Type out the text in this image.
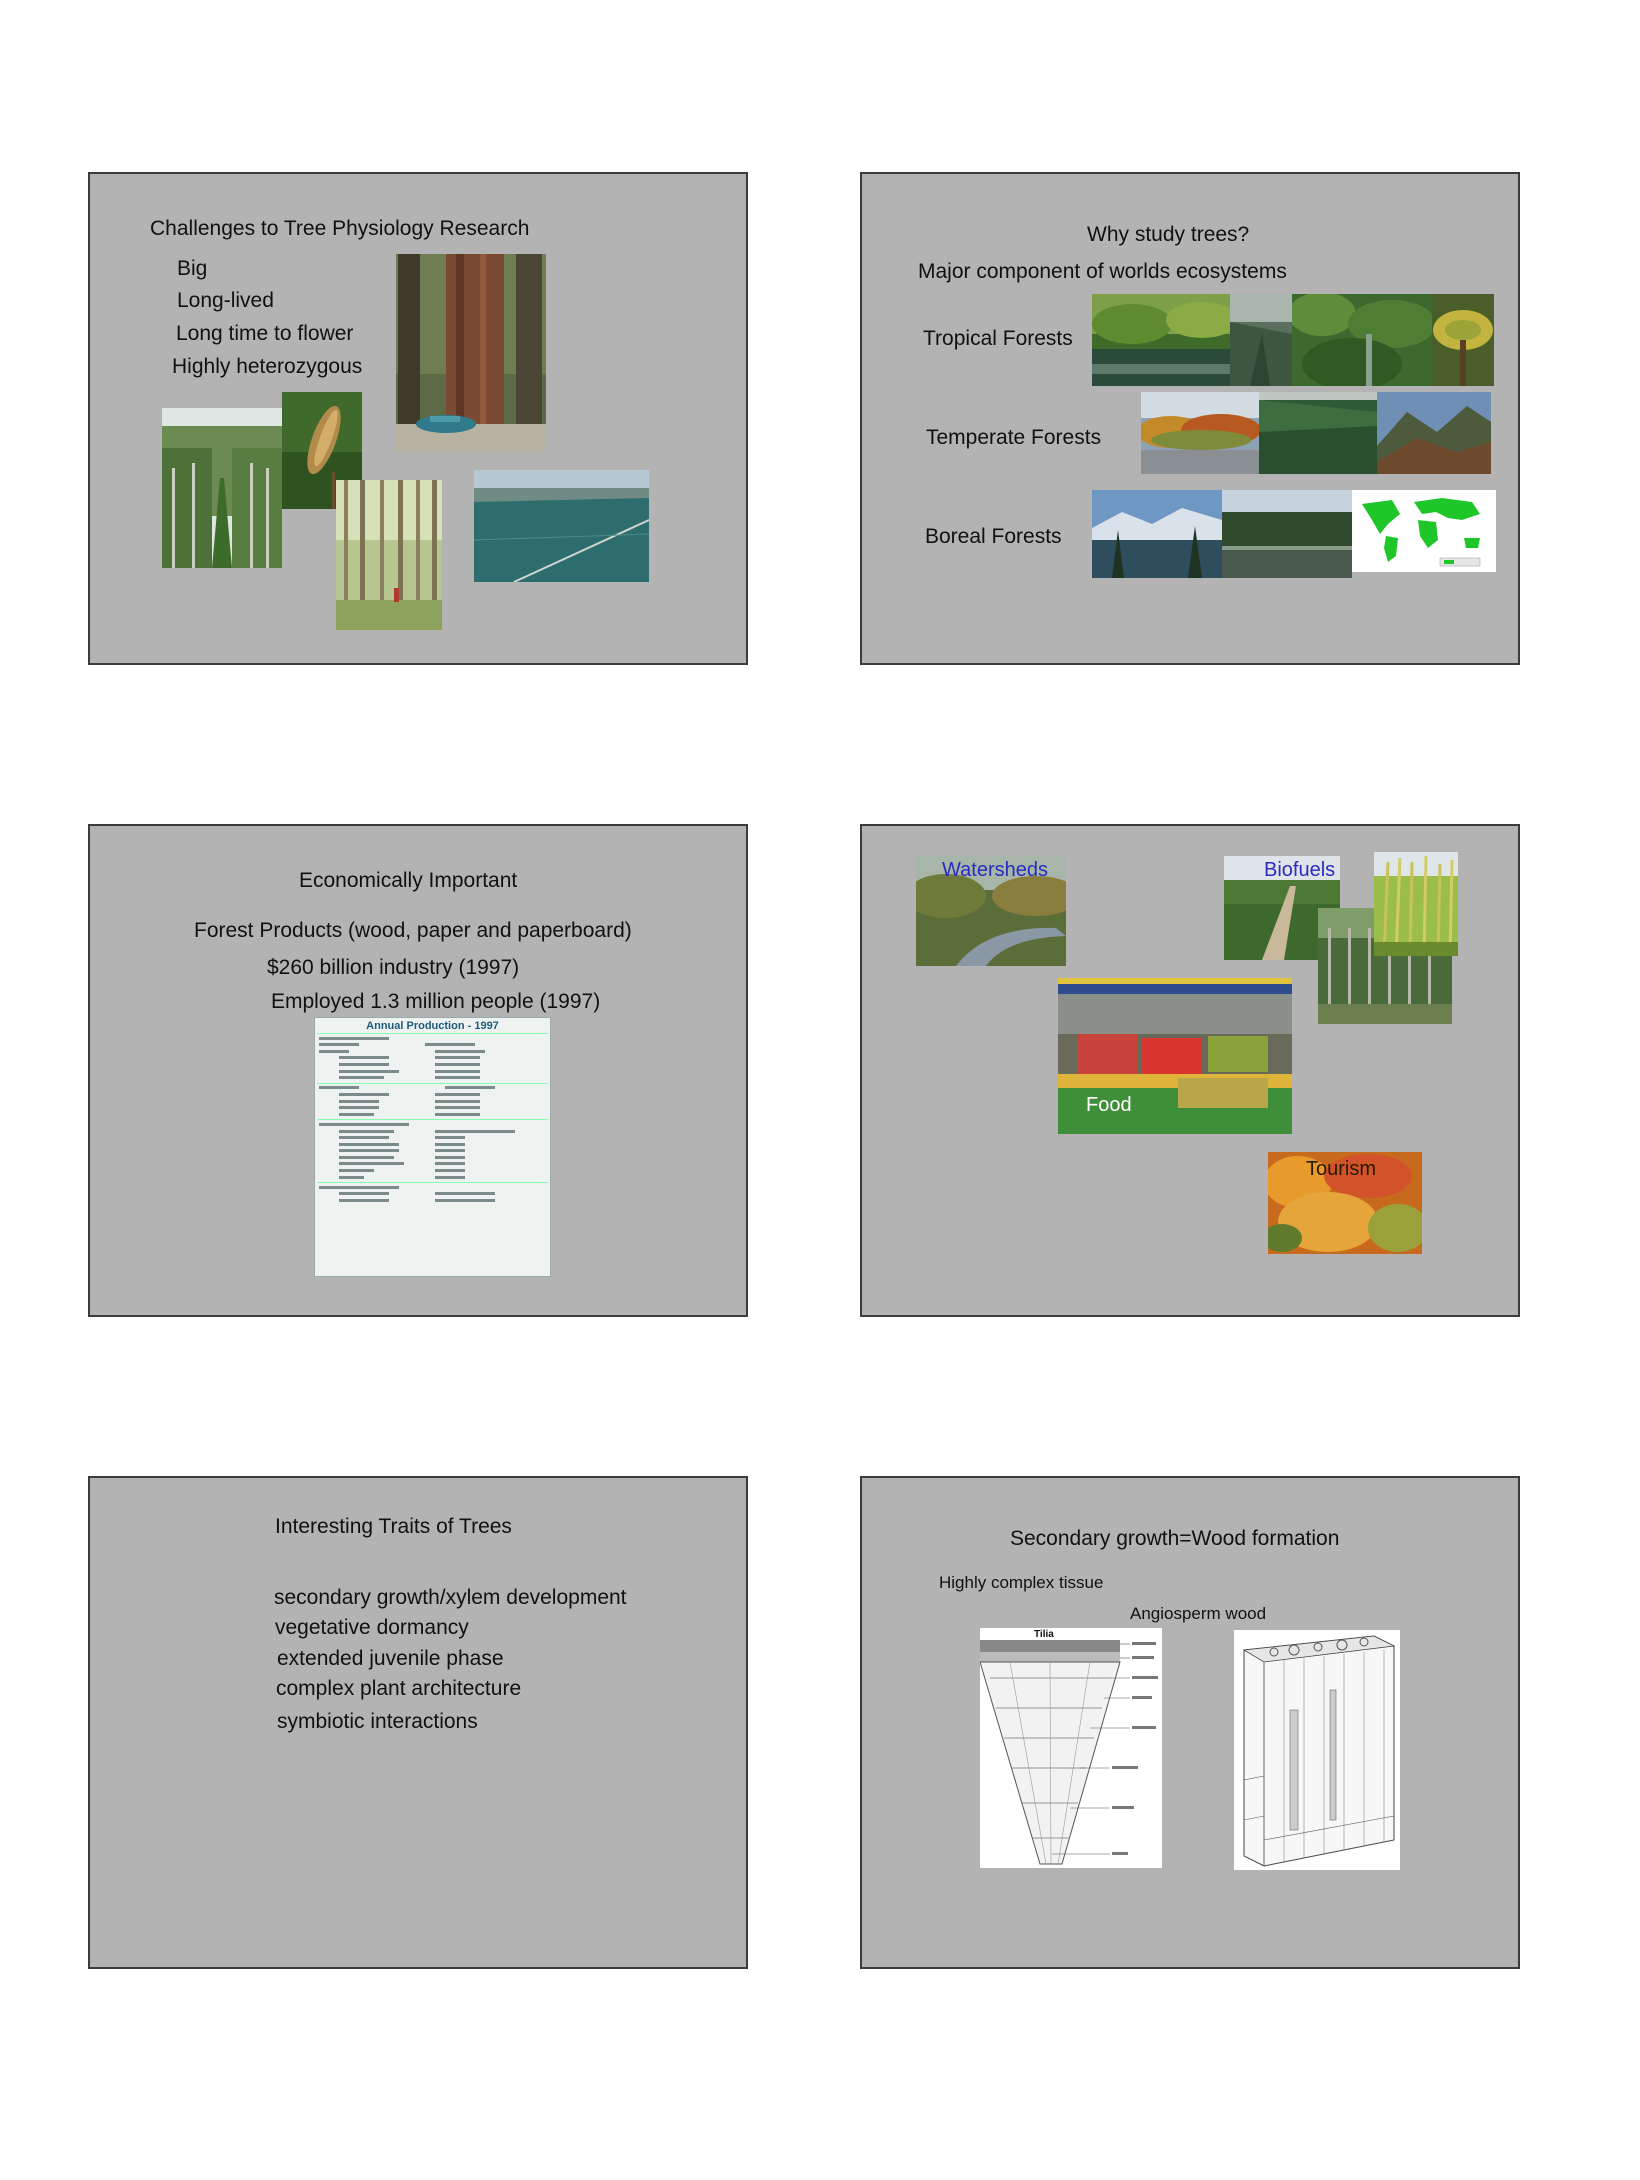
Challenges to Tree Physiology Research
Big
Long-lived
Long time to flower
Highly heterozygous
Why study trees?
Major component of worlds ecosystems
Tropical Forests
Temperate Forests
Boreal Forests
Economically Important
Forest Products (wood, paper and paperboard)
$260 billion industry (1997)
Employed 1.3 million people (1997)
Annual Production - 1997
Watersheds	Biofuels
Food
Tourism
Interesting Traits of Trees
secondary growth/xylem development
vegetative dormancy
extended juvenile phase
complex plant architecture
symbiotic interactions
Secondary growth=Wood formation
Highly complex tissue
Angiosperm wood
Tilia
